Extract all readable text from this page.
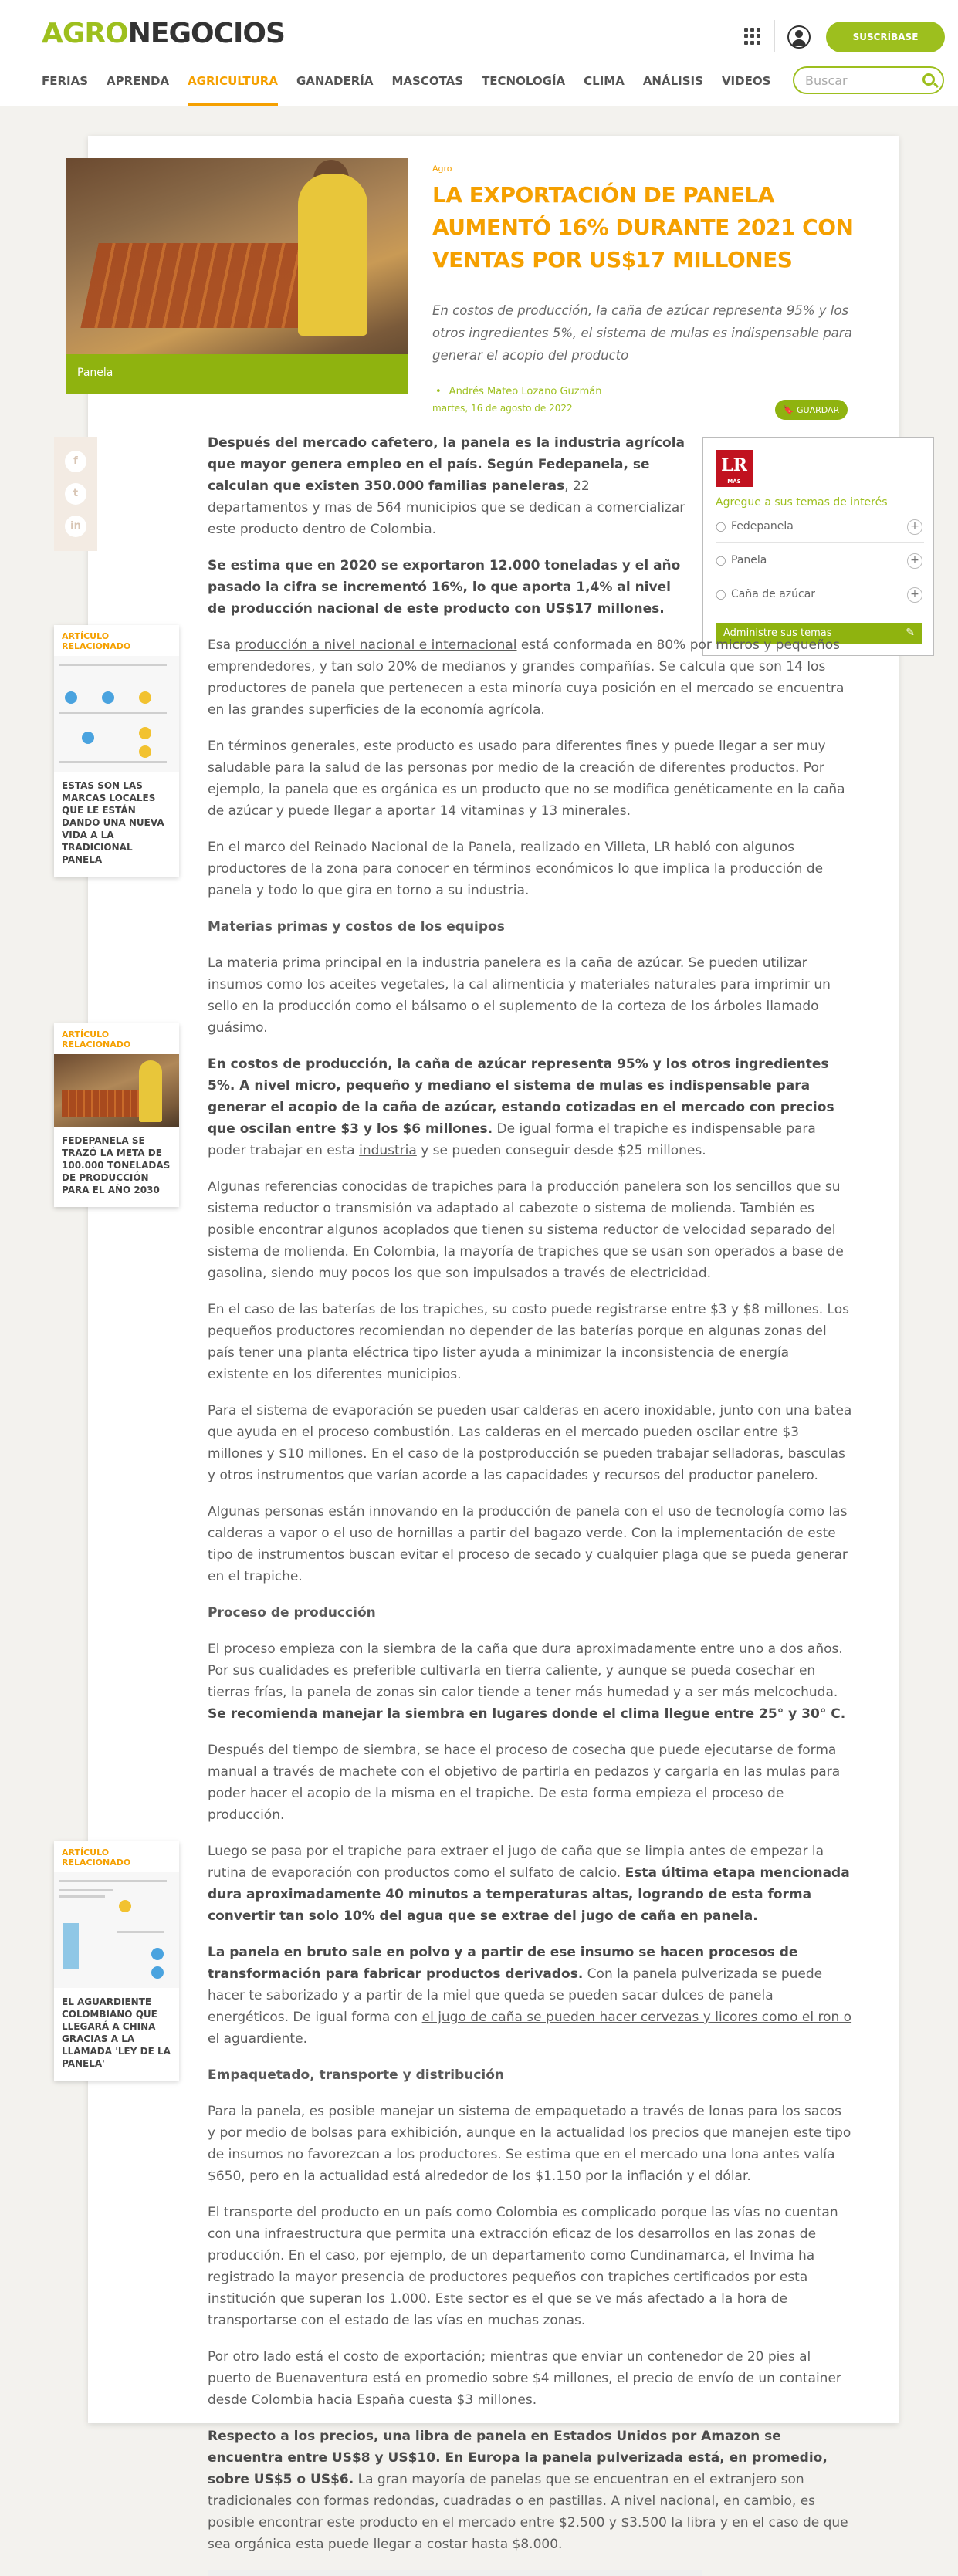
AGRONEGOCIOS	SUSCRÍBASE
FERIAS APRENDA AGRICULTURA GANADERÍA MASCOTAS TECNOLOGÍA CLIMA ANÁLISIS VIDEOS
Buscar
Panela
Agro
LA EXPORTACIÓN DE PANELA AUMENTÓ 16% DURANTE 2021 CON VENTAS POR US$17 MILLONES
En costos de producción, la caña de azúcar representa 95% y los otros ingredientes 5%, el sistema de mulas es indispensable para generar el acopio del producto
• Andrés Mateo Lozano Guzmán
martes, 16 de agosto de 2022	🔖 GUARDAR
f
t
in
LR
MÁS
Agregue a sus temas de interés
◯ Fedepanela	+
◯ Panela	+
◯ Caña de azúcar	+
Administre sus temas	✎
ARTÍCULO RELACIONADO
ESTAS SON LAS MARCAS LOCALES QUE LE ESTÁN DANDO UNA NUEVA VIDA A LA TRADICIONAL PANELA
ARTÍCULO RELACIONADO
FEDEPANELA SE TRAZÓ LA META DE 100.000 TONELADAS DE PRODUCCIÓN PARA EL AÑO 2030
ARTÍCULO RELACIONADO
EL AGUARDIENTE COLOMBIANO QUE LLEGARÁ A CHINA GRACIAS A LA LLAMADA 'LEY DE LA PANELA'

Después del mercado cafetero, la panela es la industria agrícola que mayor genera empleo en el país. Según Fedepanela, se calculan que existen 350.000 familias paneleras, 22 departamentos y mas de 564 municipios que se dedican a comercializar este producto dentro de Colombia.

Se estima que en 2020 se exportaron 12.000 toneladas y el año pasado la cifra se incrementó 16%, lo que aporta 1,4% al nivel de producción nacional de este producto con US$17 millones.

Esa producción a nivel nacional e internacional está conformada en 80% por micros y pequeños emprendedores, y tan solo 20% de medianos y grandes compañías. Se calcula que son 14 los productores de panela que pertenecen a esta minoría cuya posición en el mercado se encuentra en las grandes superficies de la economía agrícola.

En términos generales, este producto es usado para diferentes fines y puede llegar a ser muy saludable para la salud de las personas por medio de la creación de diferentes productos. Por ejemplo, la panela que es orgánica es un producto que no se modifica genéticamente en la caña de azúcar y puede llegar a aportar 14 vitaminas y 13 minerales.

En el marco del Reinado Nacional de la Panela, realizado en Villeta, LR habló con algunos productores de la zona para conocer en términos económicos lo que implica la producción de panela y todo lo que gira en torno a su industria.

Materias primas y costos de los equipos

La materia prima principal en la industria panelera es la caña de azúcar. Se pueden utilizar insumos como los aceites vegetales, la cal alimenticia y materiales naturales para imprimir un sello en la producción como el bálsamo o el suplemento de la corteza de los árboles llamado guásimo.

En costos de producción, la caña de azúcar representa 95% y los otros ingredientes 5%. A nivel micro, pequeño y mediano el sistema de mulas es indispensable para generar el acopio de la caña de azúcar, estando cotizadas en el mercado con precios que oscilan entre $3 y los $6 millones. De igual forma el trapiche es indispensable para poder trabajar en esta industria y se pueden conseguir desde $25 millones.

Algunas referencias conocidas de trapiches para la producción panelera son los sencillos que su sistema reductor o transmisión va adaptado al cabezote o sistema de molienda. También es posible encontrar algunos acoplados que tienen su sistema reductor de velocidad separado del sistema de molienda. En Colombia, la mayoría de trapiches que se usan son operados a base de gasolina, siendo muy pocos los que son impulsados a través de electricidad.

En el caso de las baterías de los trapiches, su costo puede registrarse entre $3 y $8 millones. Los pequeños productores recomiendan no depender de las baterías porque en algunas zonas del país tener una planta eléctrica tipo lister ayuda a minimizar la inconsistencia de energía existente en los diferentes municipios.

Para el sistema de evaporación se pueden usar calderas en acero inoxidable, junto con una batea que ayuda en el proceso combustión. Las calderas en el mercado pueden oscilar entre $3 millones y $10 millones. En el caso de la postproducción se pueden trabajar selladoras, basculas y otros instrumentos que varían acorde a las capacidades y recursos del productor panelero.

Algunas personas están innovando en la producción de panela con el uso de tecnología como las calderas a vapor o el uso de hornillas a partir del bagazo verde. Con la implementación de este tipo de instrumentos buscan evitar el proceso de secado y cualquier plaga que se pueda generar en el trapiche.

Proceso de producción

El proceso empieza con la siembra de la caña que dura aproximadamente entre uno a dos años. Por sus cualidades es preferible cultivarla en tierra caliente, y aunque se pueda cosechar en tierras frías, la panela de zonas sin calor tiende a tener más humedad y a ser más melcochuda. Se recomienda manejar la siembra en lugares donde el clima llegue entre 25° y 30° C.

Después del tiempo de siembra, se hace el proceso de cosecha que puede ejecutarse de forma manual a través de machete con el objetivo de partirla en pedazos y cargarla en las mulas para poder hacer el acopio de la misma en el trapiche. De esta forma empieza el proceso de producción.

Luego se pasa por el trapiche para extraer el jugo de caña que se limpia antes de empezar la rutina de evaporación con productos como el sulfato de calcio. Esta última etapa mencionada dura aproximadamente 40 minutos a temperaturas altas, logrando de esta forma convertir tan solo 10% del agua que se extrae del jugo de caña en panela.

La panela en bruto sale en polvo y a partir de ese insumo se hacen procesos de transformación para fabricar productos derivados. Con la panela pulverizada se puede hacer te saborizado y a partir de la miel que queda se pueden sacar dulces de panela energéticos. De igual forma con el jugo de caña se pueden hacer cervezas y licores como el ron o el aguardiente.

Empaquetado, transporte y distribución

Para la panela, es posible manejar un sistema de empaquetado a través de lonas para los sacos y por medio de bolsas para exhibición, aunque en la actualidad los precios que manejen este tipo de insumos no favorezcan a los productores. Se estima que en el mercado una lona antes valía $650, pero en la actualidad está alrededor de los $1.150 por la inflación y el dólar.

El transporte del producto en un país como Colombia es complicado porque las vías no cuentan con una infraestructura que permita una extracción eficaz de los desarrollos en las zonas de producción. En el caso, por ejemplo, de un departamento como Cundinamarca, el Invima ha registrado la mayor presencia de productores pequeños con trapiches certificados por esta institución que superan los 1.000. Este sector es el que se ve más afectado a la hora de transportarse con el estado de las vías en muchas zonas.

Por otro lado está el costo de exportación; mientras que enviar un contenedor de 20 pies al puerto de Buenaventura está en promedio sobre $4 millones, el precio de envío de un container desde Colombia hacia España cuesta $3 millones.

Respecto a los precios, una libra de panela en Estados Unidos por Amazon se encuentra entre US$8 y US$10. En Europa la panela pulverizada está, en promedio, sobre US$5 o US$6. La gran mayoría de panelas que se encuentran en el extranjero son tradicionales con formas redondas, cuadradas o en pastillas. A nivel nacional, en cambio, es posible encontrar este producto en el mercado entre $2.500 y $3.500 la libra y en el caso de que sea orgánica esta puede llegar a costar hasta $8.000.
